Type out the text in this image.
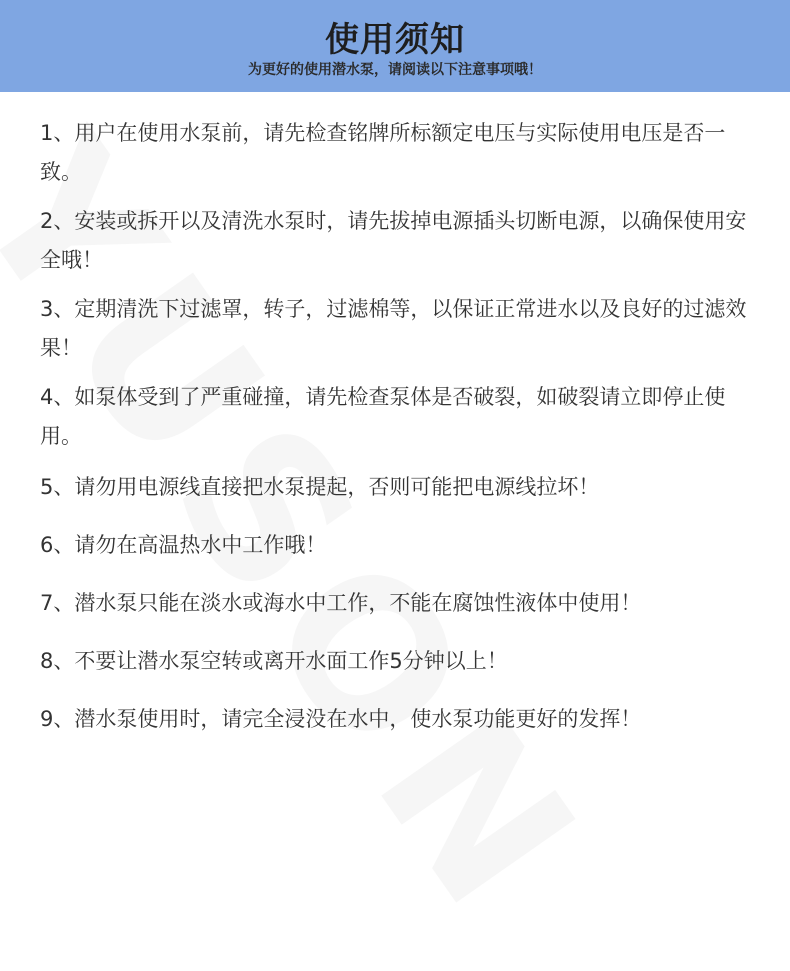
使用须知
为更好的使用潜水泵，请阅读以下注意事项哦！

1、用户在使用水泵前，请先检查铭牌所标额定电压与实际使用电压是否一致。

2、安装或拆开以及清洗水泵时，请先拔掉电源插头切断电源，以确保使用安全哦！

3、定期清洗下过滤罩，转子，过滤棉等，以保证正常进水以及良好的过滤效果！

4、如泵体受到了严重碰撞，请先检查泵体是否破裂，如破裂请立即停止使用。

5、请勿用电源线直接把水泵提起，否则可能把电源线拉坏！

6、请勿在高温热水中工作哦！

7、潜水泵只能在淡水或海水中工作，不能在腐蚀性液体中使用！

8、不要让潜水泵空转或离开水面工作5分钟以上！

9、潜水泵使用时，请完全浸没在水中，使水泵功能更好的发挥！
